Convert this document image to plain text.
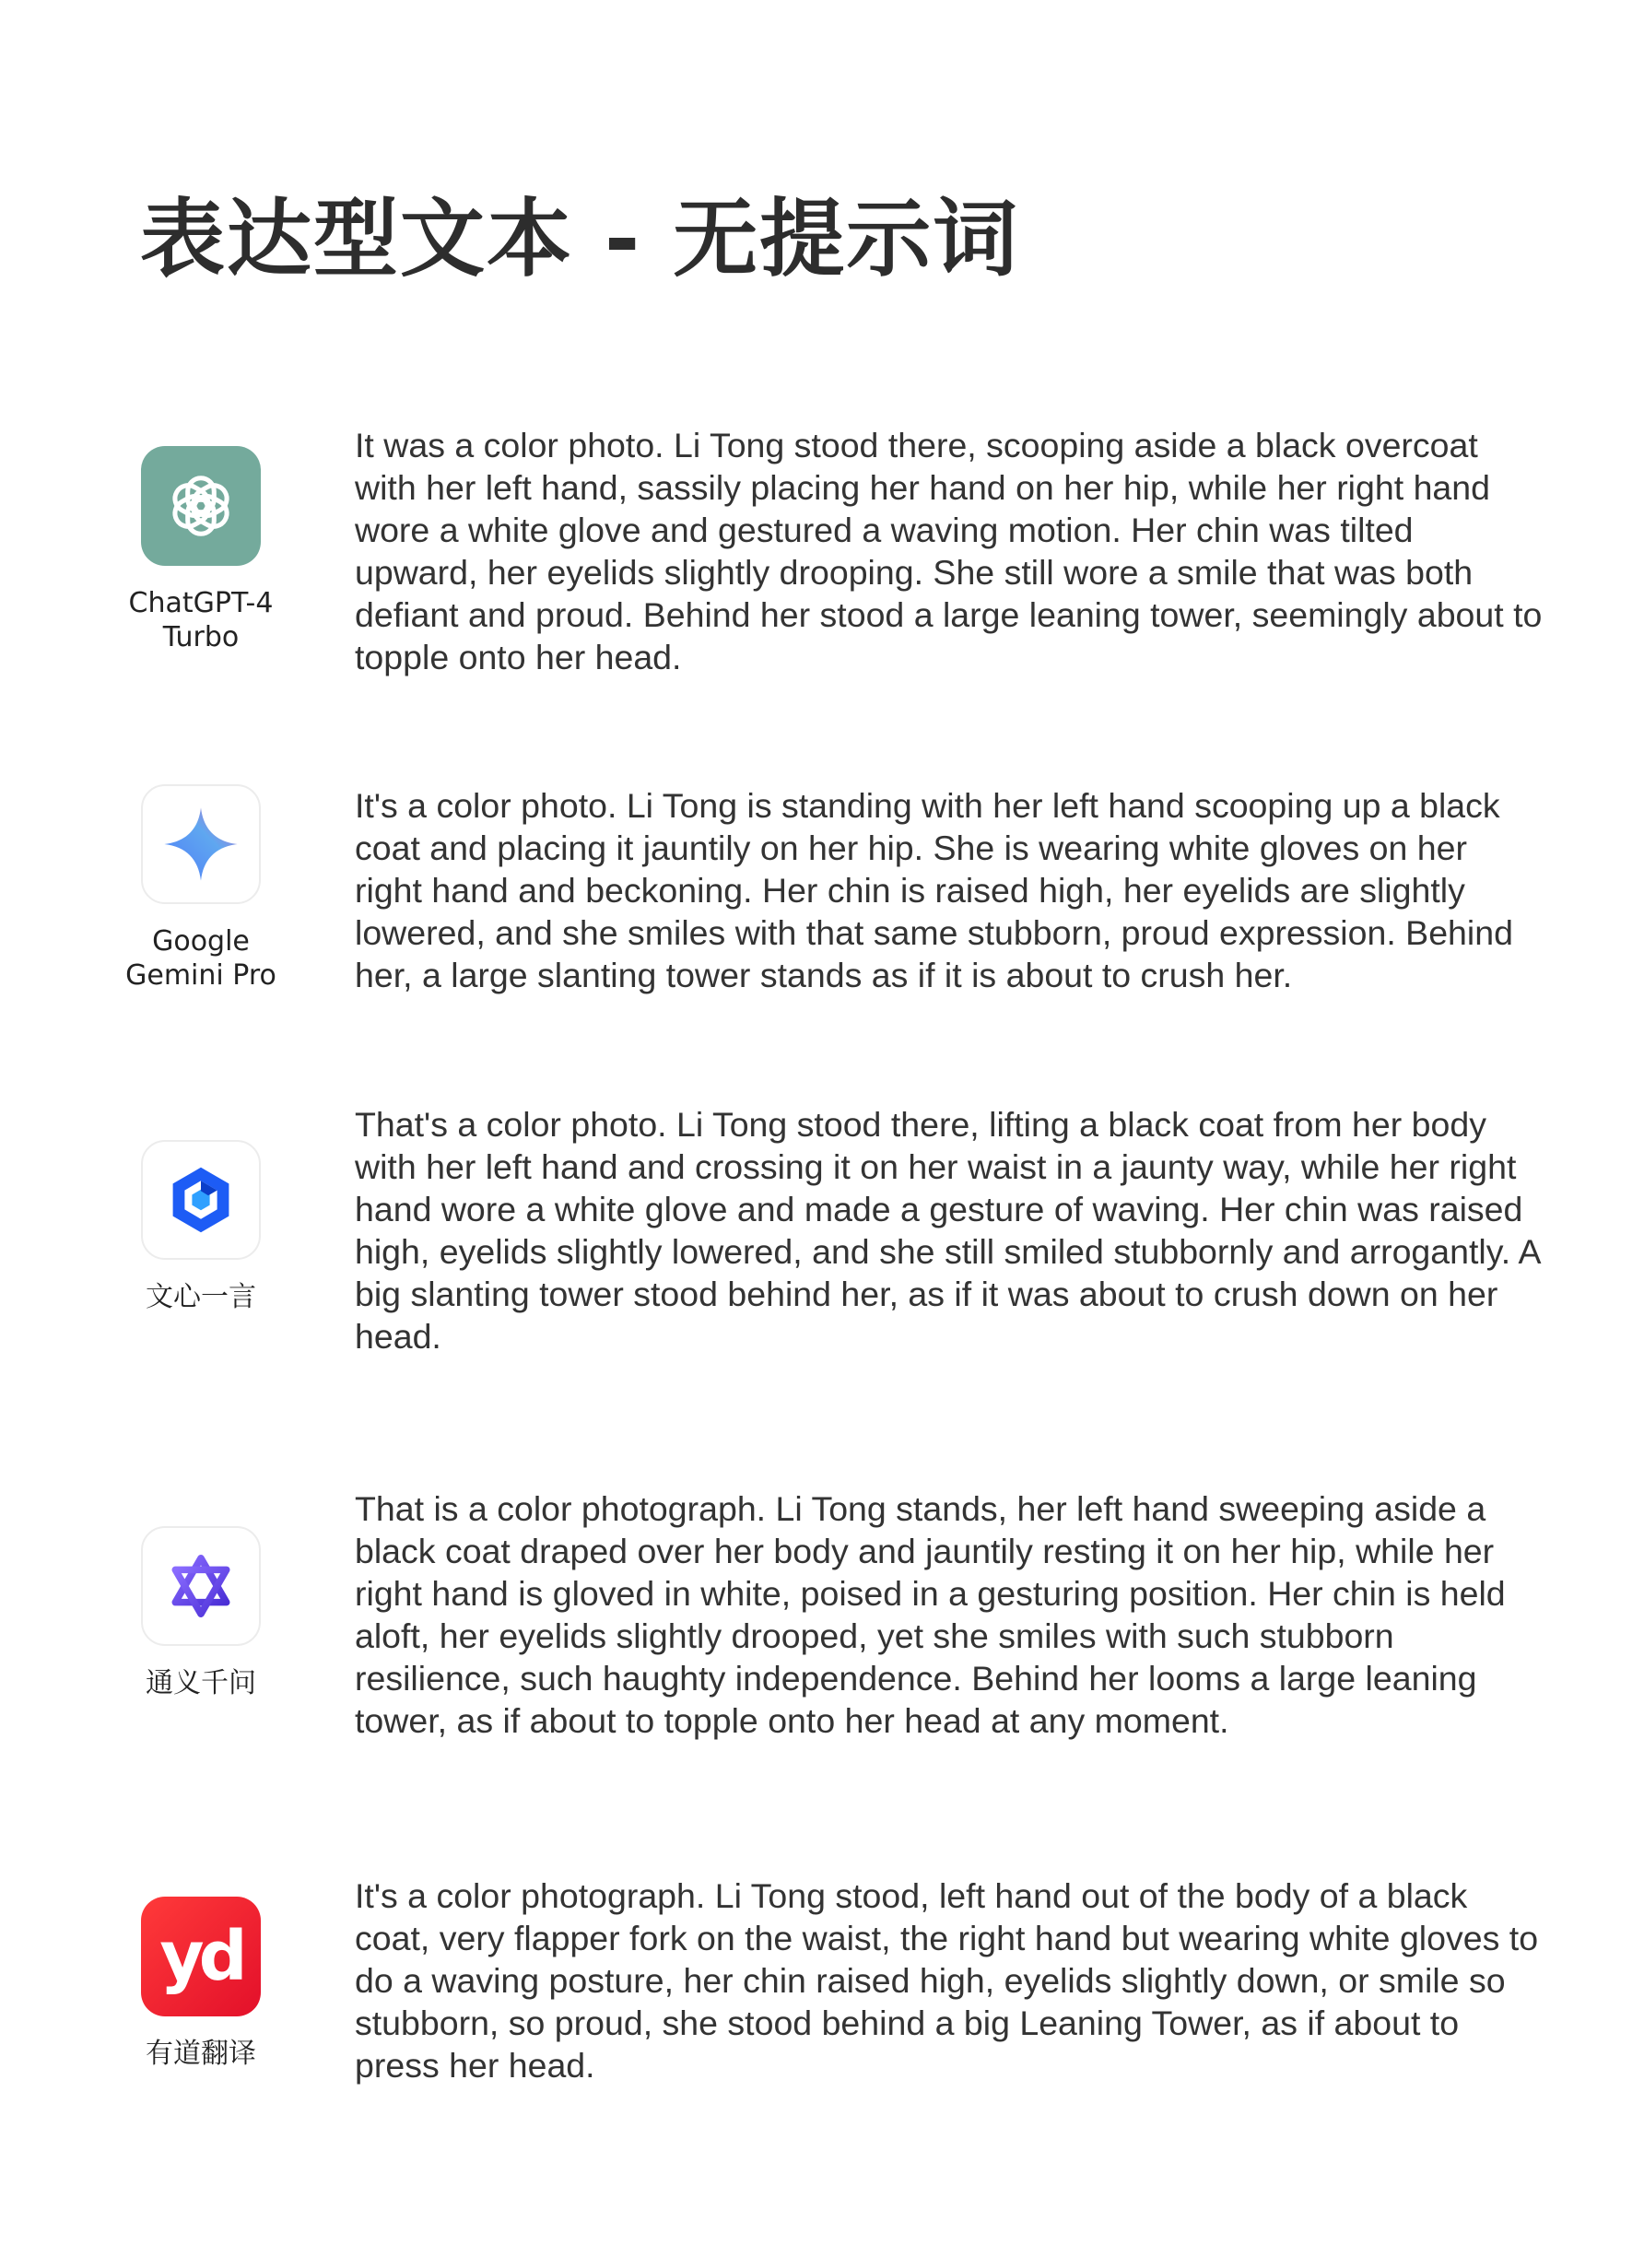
表达型文本 - 无提示词
ChatGPT-4
Turbo

It was a color photo. Li Tong stood there, scooping aside a black overcoat with her left hand, sassily placing her hand on her hip, while her right hand wore a white glove and gestured a waving motion. Her chin was tilted upward, her eyelids slightly drooping. She still wore a smile that was both defiant and proud. Behind her stood a large leaning tower, seemingly about to topple onto her head.

Google
Gemini Pro

It's a color photo. Li Tong is standing with her left hand scooping up a black coat and placing it jauntily on her hip. She is wearing white gloves on her right hand and beckoning. Her chin is raised high, her eyelids are slightly lowered, and she smiles with that same stubborn, proud expression. Behind her, a large slanting tower stands as if it is about to crush her.

文心一言

That's a color photo. Li Tong stood there, lifting a black coat from her body with her left hand and crossing it on her waist in a jaunty way, while her right hand wore a white glove and made a gesture of waving. Her chin was raised high, eyelids slightly lowered, and she still smiled stubbornly and arrogantly. A big slanting tower stood behind her, as if it was about to crush down on her head.

通义千问

That is a color photograph. Li Tong stands, her left hand sweeping aside a black coat draped over her body and jauntily resting it on her hip, while her right hand is gloved in white, poised in a gesturing position. Her chin is held aloft, her eyelids slightly drooped, yet she smiles with such stubborn resilience, such haughty independence. Behind her looms a large leaning tower, as if about to topple onto her head at any moment.

yd
有道翻译

It's a color photograph. Li Tong stood, left hand out of the body of a black coat, very flapper fork on the waist, the right hand but wearing white gloves to do a waving posture, her chin raised high, eyelids slightly down, or smile so stubborn, so proud, she stood behind a big Leaning Tower, as if about to press her head.
